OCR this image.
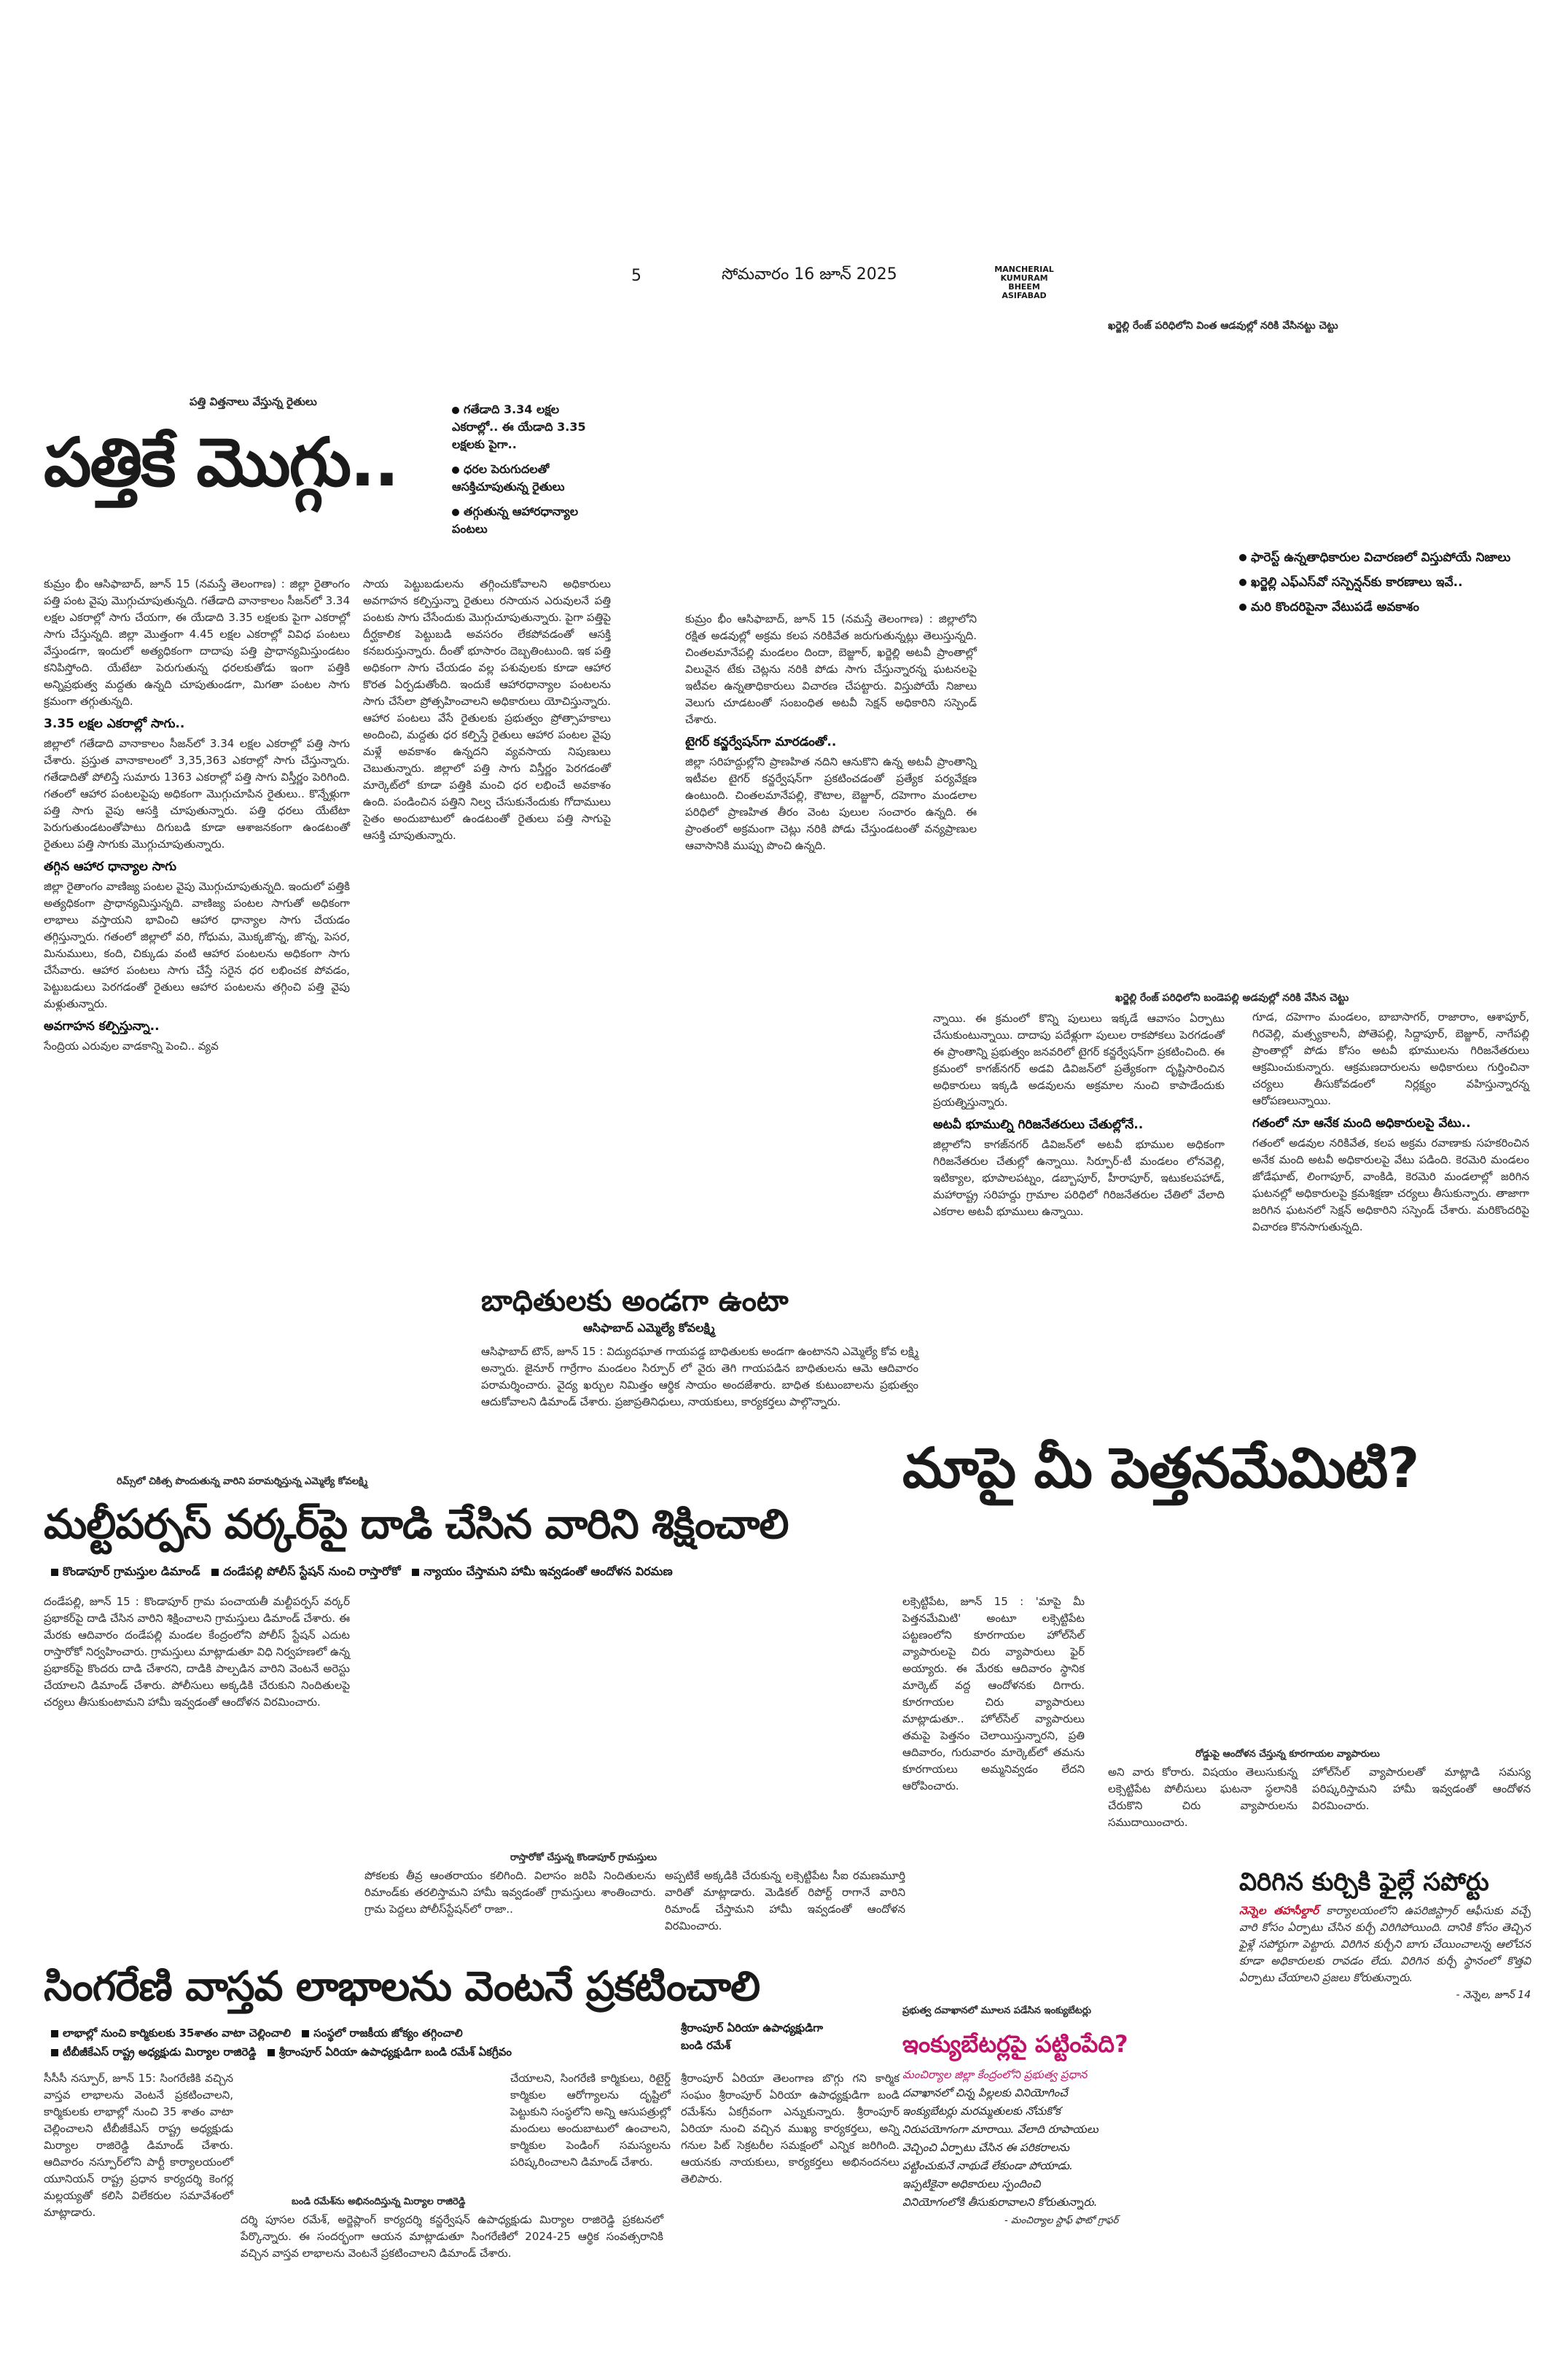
5	సోమవారం 16 జూన్ 2025	MANCHERIAL
KUMURAM BHEEM
ASIFABAD
ఖర్జెల్లి రేంజ్ పరిధిలోని వింత ఆడవుల్లో నరికి వేసినట్టు చెట్టు
పత్తి విత్తనాలు వేస్తున్న రైతులు
పత్తికే మొగ్గు..
గతేడాది 3.34 లక్షల ఎకరాల్లో.. ఈ యేడాది 3.35 లక్షలకు పైగా..
ధరల పెరుగుదలతో ఆసక్తిచూపుతున్న రైతులు
తగ్గుతున్న ఆహారధాన్యాల పంటలు
కుమ్రం భీం ఆసిఫాబాద్, జూన్ 15 (నమస్తే తెలంగాణ) : జిల్లా రైతాంగం పత్తి పంట వైపు మొగ్గుచూపుతున్నది. గతేడాది వానాకాలం సీజన్‌లో 3.34 లక్షల ఎకరాల్లో సాగు చేయగా, ఈ యేడాది 3.35 లక్షలకు పైగా ఎకరాల్లో సాగు చేస్తున్నది. జిల్లా మొత్తంగా 4.45 లక్షల ఎకరాల్లో వివిధ పంటలు వేస్తుండగా, ఇందులో అత్యధికంగా దాదాపు పత్తి ప్రాధాన్యమిస్తుండటం కనిపిస్తోంది. యేటేటా పెరుగుతున్న ధరలకుతోడు ఇంగా పత్తికి అన్నిప్రభుత్వ మద్దతు ఉన్నది చూపుతుండగా, మిగతా పంటల సాగు క్రమంగా తగ్గుతున్నది.
3.35 లక్షల ఎకరాల్లో సాగు..
జిల్లాలో గతేడాది వానాకాలం సీజన్‌లో 3.34 లక్షల ఎకరాల్లో పత్తి సాగు చేశారు. ప్రస్తుత వానాకాలంలో 3,35,363 ఎకరాల్లో సాగు చేస్తున్నారు. గతేడాదితో పోలిస్తే సుమారు 1363 ఎకరాల్లో పత్తి సాగు విస్తీర్ణం పెరిగింది. గతంలో ఆహార పంటలపైపు అధికంగా మొగ్గుచూపిన రైతులు.. కొన్నేళ్లుగా పత్తి సాగు వైపు ఆసక్తి చూపుతున్నారు. పత్తి ధరలు యేటేటా పెరుగుతుండటంతోపాటు దిగుబడి కూడా ఆశాజనకంగా ఉండటంతో రైతులు పత్తి సాగుకు మొగ్గుచూపుతున్నారు.
తగ్గిన ఆహార ధాన్యాల సాగు
జిల్లా రైతాంగం వాణిజ్య పంటల వైపు మొగ్గుచూపుతున్నది. ఇందులో పత్తికి అత్యధికంగా ప్రాధాన్యమిస్తున్నది. వాణిజ్య పంటల సాగుతో అధికంగా లాభాలు వస్తాయని భావించి ఆహార ధాన్యాల సాగు చేయడం తగ్గిస్తున్నారు. గతంలో జిల్లాలో వరి, గోధుమ, మొక్కజొన్న, జొన్న, పెసర, మినుములు, కంది, చిక్కుడు వంటి ఆహార పంటలను అధికంగా సాగు చేసేవారు. ఆహార పంటలు సాగు చేస్తే సరైన ధర లభించక పోవడం, పెట్టుబడులు పెరగడంతో రైతులు ఆహార పంటలను తగ్గించి పత్తి వైపు మళ్లుతున్నారు.
అవగాహన కల్పిస్తున్నా..
సేంద్రియ ఎరువుల వాడకాన్ని పెంచి.. వ్యవ
సాయ పెట్టుబడులను తగ్గించుకోవాలని అధికారులు అవగాహన కల్పిస్తున్నా రైతులు రసాయన ఎరువులనే పత్తి పంటకు సాగు చేసేందుకు మొగ్గుచూపుతున్నారు. పైగా పత్తిపై దీర్ఘకాలిక పెట్టుబడి అవసరం లేకపోవడంతో ఆసక్తి కనబరుస్తున్నారు. దీంతో భూసారం దెబ్బతింటుంది. ఇక పత్తి అధికంగా సాగు చేయడం వల్ల పశువులకు కూడా ఆహార కొరత ఏర్పడుతోంది. ఇందుకే ఆహారధాన్యాల పంటలను సాగు చేసేలా ప్రోత్సహించాలని అధికారులు యోచిస్తున్నారు. ఆహార పంటలు వేసే రైతులకు ప్రభుత్వం ప్రోత్సాహకాలు అందించి, మద్దతు ధర కల్పిస్తే రైతులు ఆహార పంటల వైపు మళ్లే అవకాశం ఉన్నదని వ్యవసాయ నిపుణులు చెబుతున్నారు. జిల్లాలో పత్తి సాగు విస్తీర్ణం పెరగడంతో మార్కెట్‌లో కూడా పత్తికి మంచి ధర లభించే అవకాశం ఉంది. పండించిన పత్తిని నిల్వ చేసుకునేందుకు గోదాములు సైతం అందుబాటులో ఉండటంతో రైతులు పత్తి సాగుపై ఆసక్తి చూపుతున్నారు.
ఫారెస్ట్ ఉన్నతాధికారుల విచారణలో విస్తుపోయే నిజాలు
ఖర్జెల్లి ఎఫ్‌ఎస్‌వో సస్పెన్షన్‌కు కారణాలు ఇవే..
మరి కొందరిపైనా వేటుపడే అవకాశం
కుమ్రం భీం ఆసిఫాబాద్, జూన్ 15 (నమస్తే తెలంగాణ) : జిల్లాలోని రక్షిత అడవుల్లో అక్రమ కలప నరికివేత జరుగుతున్నట్లు తెలుస్తున్నది. చింతలమానేపల్లి మండలం దిందా, బెజ్జూర్, ఖర్జెల్లి అటవీ ప్రాంతాల్లో విలువైన టేకు చెట్లను నరికి పోడు సాగు చేస్తున్నారన్న ఘటనలపై ఇటీవల ఉన్నతాధికారులు విచారణ చేపట్టారు. విస్తుపోయే నిజాలు వెలుగు చూడటంతో సంబంధిత అటవీ సెక్షన్ అధికారిని సస్పెండ్ చేశారు.
టైగర్ కన్జర్వేషన్‌గా మారడంతో..
జిల్లా సరిహద్దుల్లోని ప్రాణహిత నదిని ఆనుకొని ఉన్న అటవీ ప్రాంతాన్ని ఇటీవల టైగర్ కన్జర్వేషన్‌గా ప్రకటించడంతో ప్రత్యేక పర్యవేక్షణ ఉంటుంది. చింతలమానేపల్లి, కౌటాల, బెజ్జూర్, దహెగాం మండలాల పరిధిలో ప్రాణహిత తీరం వెంట పులుల సంచారం ఉన్నది. ఈ ప్రాంతంలో అక్రమంగా చెట్లు నరికి పోడు చేస్తుండటంతో వన్యప్రాణుల ఆవాసానికి ముప్పు పొంచి ఉన్నది.
న్నాయి. ఈ క్రమంలో కొన్ని పులులు ఇక్కడే ఆవాసం ఏర్పాటు చేసుకుంటున్నాయి. దాదాపు పదేళ్లుగా పులుల రాకపోకలు పెరగడంతో ఈ ప్రాంతాన్ని ప్రభుత్వం జనవరిలో టైగర్ కన్జర్వేషన్‌గా ప్రకటించింది. ఈ క్రమంలో కాగజ్‌నగర్ అడవి డివిజన్‌లో ప్రత్యేకంగా దృష్టిసారించిన అధికారులు ఇక్కడి అడవులను అక్రమాల నుంచి కాపాడేందుకు ప్రయత్నిస్తున్నారు.
అటవీ భూముల్ని గిరిజనేతరులు చేతుల్లోనే..
జిల్లాలోని కాగజ్‌నగర్ డివిజన్‌లో అటవీ భూముల అధికంగా గిరిజనేతరుల చేతుల్లో ఉన్నాయి. సిర్పూర్-టీ మండలం లోనవెల్లి, ఇటిక్యాల, భూపాలపట్నం, డబ్బాపూర్, హీరాపూర్, ఇటుకలపహాడ్, మహారాష్ట్ర సరిహద్దు గ్రామాల పరిధిలో గిరిజనేతరుల చేతిలో వేలాది ఎకరాల అటవీ భూములు ఉన్నాయి.
ఖర్జెల్లి రేంజ్ పరిధిలోని బండెపల్లి అడవుల్లో నరికి వేసిన చెట్టు
గూడ, దహెగాం మండలం, బాబాసాగర్, రాజారాం, ఆశాపూర్, గిరవెల్లి, మత్స్యకాలనీ, పోతెపల్లి, సిద్దాపూర్, బెజ్జూర్, నాగేపల్లి ప్రాంతాల్లో పోడు కోసం అటవీ భూములను గిరిజనేతరులు ఆక్రమించుకున్నారు. ఆక్రమణదారులను అధికారులు గుర్తించినా చర్యలు తీసుకోవడంలో నిర్లక్ష్యం వహిస్తున్నారన్న ఆరోపణలున్నాయి.
గతంలో నూ ఆనేక మంది అధికారులపై వేటు..
గతంలో అడవుల నరికివేత, కలప అక్రమ రవాణాకు సహకరించిన అనేక మంది అటవీ అధికారులపై వేటు పడింది. కెరమెరి మండలం జోడేఘాట్, లింగాపూర్, వాంకిడి, కెరమెరి మండలాల్లో జరిగిన ఘటనల్లో అధికారులపై క్రమశిక్షణా చర్యలు తీసుకున్నారు. తాజాగా జరిగిన ఘటనలో సెక్షన్ అధికారిని సస్పెండ్ చేశారు. మరికొందరిపై విచారణ కొనసాగుతున్నది.
బాధితులకు అండగా ఉంటా
ఆసిఫాబాద్ ఎమ్మెల్యే కోవలక్ష్మి
ఆసిఫాబాద్ టౌన్, జూన్ 15 : విద్యుదఘాత గాయపడ్డ బాధితులకు అండగా ఉంటానని ఎమ్మెల్యే కోవ లక్ష్మి అన్నారు. జైనూర్ గార్రేగాం మండలం సిర్పూర్ లో వైరు తెగి గాయపడిన బాధితులను ఆమె ఆదివారం పరామర్శించారు. వైద్య ఖర్చుల నిమిత్తం ఆర్థిక సాయం అందజేశారు. బాధిత కుటుంబాలను ప్రభుత్వం ఆదుకోవాలని డిమాండ్ చేశారు. ప్రజాప్రతినిధులు, నాయకులు, కార్యకర్తలు పాల్గొన్నారు.
రిమ్స్‌లో చికిత్స పొందుతున్న వారిని పరామర్శిస్తున్న ఎమ్మెల్యే కోవలక్ష్మి	మాపై మీ పెత్తనమేమిటి?
మల్టీపర్పస్ వర్కర్‌పై దాడి చేసిన వారిని శిక్షించాలి
కొండాపూర్ గ్రామస్తుల డిమాండ్ దండేపల్లి పోలీస్ స్టేషన్ నుంచి రాస్తారోకో న్యాయం చేస్తామని హామీ ఇవ్వడంతో ఆందోళన విరమణ
దండేపల్లి, జూన్ 15 : కొండాపూర్ గ్రామ పంచాయతీ మల్టీపర్పస్ వర్కర్ ప్రభాకర్‌పై దాడి చేసిన వారిని శిక్షించాలని గ్రామస్తులు డిమాండ్ చేశారు. ఈ మేరకు ఆదివారం దండేపల్లి మండల కేంద్రంలోని పోలీస్ స్టేషన్ ఎదుట రాస్తారోకో నిర్వహించారు. గ్రామస్తులు మాట్లాడుతూ విధి నిర్వహణలో ఉన్న ప్రభాకర్‌పై కొందరు దాడి చేశారని, దాడికి పాల్పడిన వారిని వెంటనే అరెస్టు చేయాలని డిమాండ్ చేశారు. పోలీసులు అక్కడికి చేరుకుని నిందితులపై చర్యలు తీసుకుంటామని హామీ ఇవ్వడంతో ఆందోళన విరమించారు.
రాస్తారోకో చేస్తున్న కొండాపూర్ గ్రామస్తులు
పోకలకు తీవ్ర ఆంతరాయం కలిగింది. విలాసం జరిపి నిందితులను రిమాండ్‌కు తరలిస్తామని హామీ ఇవ్వడంతో గ్రామస్తులు శాంతించారు. గ్రామ పెద్దలు పోలీస్‌స్టేషన్‌లో రాజా..
అప్పటికే అక్కడికి చేరుకున్న లక్సెట్టిపేట సీఐ రమణమూర్తి వారితో మాట్లాడారు. మెడికల్ రిపోర్ట్ రాగానే వారిని రిమాండ్ చేస్తామని హామీ ఇవ్వడంతో ఆందోళన విరమించారు.
లక్సెట్టిపేట, జూన్ 15 : 'మాపై మీ పెత్తనమేమిటి' అంటూ లక్సెట్టిపేట పట్టణంలోని కూరగాయల హోల్‌సేల్ వ్యాపారులపై చిరు వ్యాపారులు ఫైర్ అయ్యారు. ఈ మేరకు ఆదివారం స్థానిక మార్కెట్ వద్ద ఆందోళనకు దిగారు. కూరగాయల చిరు వ్యాపారులు మాట్లాడుతూ.. హోల్‌సేల్ వ్యాపారులు తమపై పెత్తనం చెలాయిస్తున్నారని, ప్రతి ఆదివారం, గురువారం మార్కెట్‌లో తమను కూరగాయలు అమ్మనివ్వడం లేదని ఆరోపించారు.
రోడ్డుపై ఆందోళన చేస్తున్న కూరగాయల వ్యాపారులు
అని వారు కోరారు. విషయం తెలుసుకున్న లక్సెట్టిపేట పోలీసులు ఘటనా స్థలానికి చేరుకొని చిరు వ్యాపారులను సముదాయించారు.
హోల్‌సేల్ వ్యాపారులతో మాట్లాడి సమస్య పరిష్కరిస్తామని హామీ ఇవ్వడంతో ఆందోళన విరమించారు.
విరిగిన కుర్చికి ఫైల్లే సపోర్టు
నెన్నెల తహసీల్దార్ కార్యాలయంలోని ఉపరిజిస్ట్రార్ ఆఫీసుకు వచ్చే వారి కోసం ఏర్పాటు చేసిన కుర్చీ విరిగిపోయింది. దానికి కోసం తెచ్చిన ఫైళ్లే సపోర్టుగా పెట్టారు. విరిగిన కుర్చీని బాగు చేయించాలన్న ఆలోచన కూడా అధికారులకు రావడం లేదు. విరిగిన కుర్చీ స్థానంలో కొత్తవి ఏర్పాటు చేయాలని ప్రజలు కోరుతున్నారు.
- నెన్నెల, జూన్ 14
సింగరేణి వాస్తవ లాభాలను వెంటనే ప్రకటించాలి
లాభాల్లో నుంచి కార్మికులకు 35శాతం వాటా చెల్లించాలి సంస్థలో రాజకీయ జోక్యం తగ్గించాలి
టీబీజీకేఎస్ రాష్ట్ర అధ్యక్షుడు మిర్యాల రాజిరెడ్డి శ్రీరాంపూర్ ఏరియా ఉపాధ్యక్షుడిగా బండి రమేశ్ ఏకగ్రీవం
శ్రీరాంపూర్ ఏరియా ఉపాధ్యక్షుడిగా బండి రమేశ్
సీసీసీ నస్పూర్, జూన్ 15: సింగరేణికి వచ్చిన వాస్తవ లాభాలను వెంటనే ప్రకటించాలని, కార్మికులకు లాభాల్లో నుంచి 35 శాతం వాటా చెల్లించాలని టీబీజీకేఎస్ రాష్ట్ర అధ్యక్షుడు మిర్యాల రాజిరెడ్డి డిమాండ్ చేశారు. ఆదివారం నస్పూర్‌లోని పార్టీ కార్యాలయంలో యూనియన్ రాష్ట్ర ప్రధాన కార్యదర్శి కెంగర్ల మల్లయ్యతో కలిసి విలేకరుల సమావేశంలో మాట్లాడారు.
బండి రమేశ్‌ను అభినందిస్తున్న మిర్యాల రాజిరెడ్డి
చేయాలని, సింగరేణి కార్మికులు, రిటైర్డ్ కార్మికుల ఆరోగ్యాలను దృష్టిలో పెట్టుకుని సంస్థలోని అన్ని ఆసుపత్రుల్లో మందులు అందుబాటులో ఉంచాలని, కార్మికుల పెండింగ్ సమస్యలను పరిష్కరించాలని డిమాండ్ చేశారు.
దర్శి పూసల రమేశ్, అర్జెప్లాంగ్ కార్యదర్శి కన్జర్వేషన్ ఉపాధ్యక్షుడు మిర్యాల రాజిరెడ్డి ప్రకటనలో పేర్కొన్నారు. ఈ సందర్భంగా ఆయన మాట్లాడుతూ సింగరేణిలో 2024-25 ఆర్థిక సంవత్సరానికి వచ్చిన వాస్తవ లాభాలను వెంటనే ప్రకటించాలని డిమాండ్ చేశారు.
శ్రీరాంపూర్ ఏరియా తెలంగాణ బొగ్గు గని కార్మిక సంఘం శ్రీరాంపూర్ ఏరియా ఉపాధ్యక్షుడిగా బండి రమేశ్‌ను ఏకగ్రీవంగా ఎన్నుకున్నారు. శ్రీరాంపూర్ ఏరియా నుంచి వచ్చిన ముఖ్య కార్యకర్తలు, అన్ని గనుల పిట్ సెక్రటరీల సమక్షంలో ఎన్నిక జరిగింది. ఆయనకు నాయకులు, కార్యకర్తలు అభినందనలు తెలిపారు.
ప్రభుత్వ దవాఖానలో మూలన పడేసిన ఇంక్యుబేటర్లు
ఇంక్యుబేటర్లపై పట్టింపేది?
మంచిర్యాల జిల్లా కేంద్రంలోని ప్రభుత్వ ప్రధాన
దవాఖానలో చిన్న పిల్లలకు వినియోగించే
ఇంక్యుబేటర్లు మరమ్మతులకు నోచుకోక
నిరుపయోగంగా మారాయి. వేలాది రూపాయలు
వెచ్చించి ఏర్పాటు చేసిన ఈ పరికరాలను
పట్టించుకునే నాథుడే లేకుండా పోయాడు.
ఇప్పటికైనా అధికారులు స్పందించి
వినియోగంలోకి తీసుకురావాలని కోరుతున్నారు.
- మంచిర్యాల స్టాఫ్ ఫొటో గ్రాఫర్
